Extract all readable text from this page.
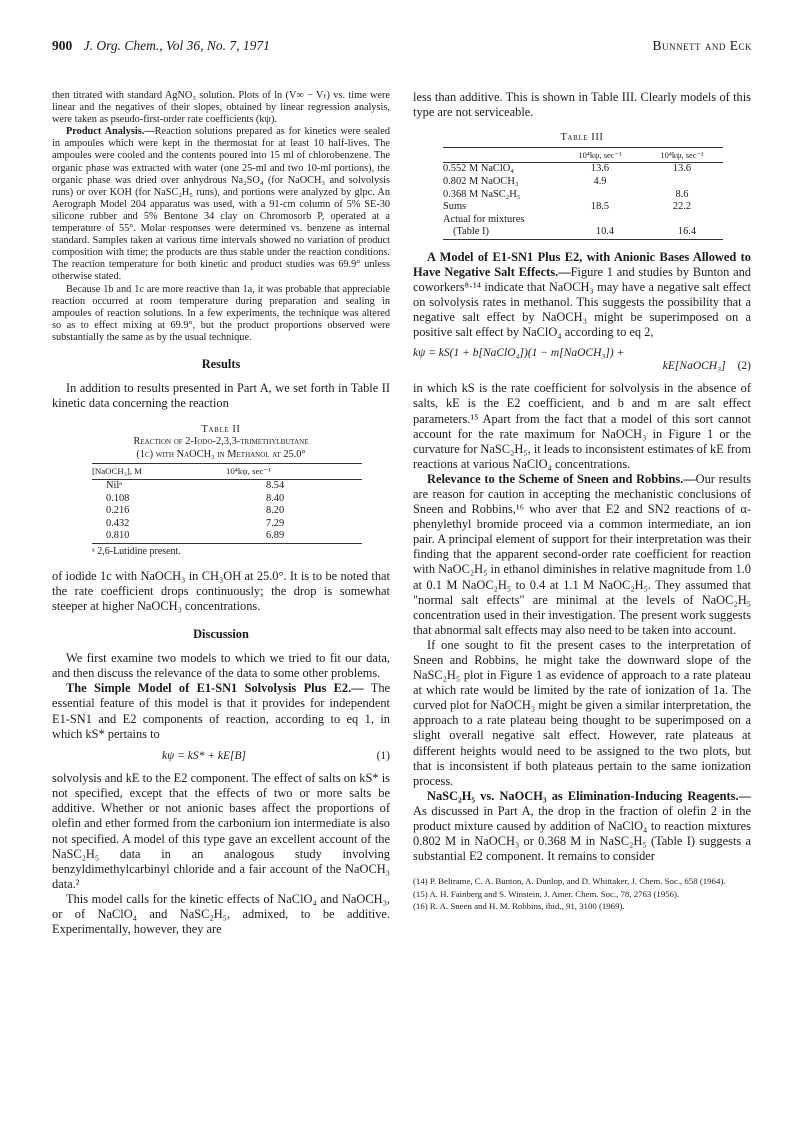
900 J. Org. Chem., Vol 36, No. 7, 1971	Bunnett and Eck

then titrated with standard AgNO₃ solution. Plots of ln (V∞ − Vₜ) vs. time were linear and the negatives of their slopes, obtained by linear regression analysis, were taken as pseudo-first-order rate coefficients (kψ).

Product Analysis.—Reaction solutions prepared as for kinetics were sealed in ampoules which were kept in the thermostat for at least 10 half-lives. The ampoules were cooled and the contents poured into 15 ml of chlorobenzene. The organic phase was extracted with water (one 25-ml and two 10-ml portions), the organic phase was dried over anhydrous Na₂SO₄ (for NaOCH₃ and solvolysis runs) or over KOH (for NaSC₂H₅ runs), and portions were analyzed by glpc. An Aerograph Model 204 apparatus was used, with a 91-cm column of 5% SE-30 silicone rubber and 5% Bentone 34 clay on Chromosorb P, operated at a temperature of 55°. Molar responses were determined vs. benzene as internal standard. Samples taken at various time intervals showed no variation of product composition with time; the products are thus stable under the reaction conditions. The reaction temperature for both kinetic and product studies was 69.9° unless otherwise stated.

Because 1b and 1c are more reactive than 1a, it was probable that appreciable reaction occurred at room temperature during preparation and sealing in ampoules of reaction solutions. In a few experiments, the technique was altered so as to effect mixing at 69.9°, but the product proportions observed were substantially the same as by the usual technique.

Results

In addition to results presented in Part A, we set forth in Table II kinetic data concerning the reaction

Table II
Reaction of 2-Iodo-2,3,3-trimethylbutane
(1c) with NaOCH₃ in Methanol at 25.0°
[NaOCH₃], M	10⁴kψ, sec⁻¹
Nilᵃ	8.54
0.108	8.40
0.216	8.20
0.432	7.29
0.810	6.89
ᵃ 2,6-Lutidine present.

of iodide 1c with NaOCH₃ in CH₃OH at 25.0°. It is to be noted that the rate coefficient drops continuously; the drop is somewhat steeper at higher NaOCH₃ concentrations.

Discussion

We first examine two models to which we tried to fit our data, and then discuss the relevance of the data to some other problems.

The Simple Model of E1-SN1 Solvolysis Plus E2.— The essential feature of this model is that it provides for independent E1-SN1 and E2 components of reaction, according to eq 1, in which kS* pertains to

kψ = kS* + kE[B]	(1)

solvolysis and kE to the E2 component. The effect of salts on kS* is not specified, except that the effects of two or more salts be additive. Whether or not anionic bases affect the proportions of olefin and ether formed from the carbonium ion intermediate is also not specified. A model of this type gave an excellent account of the NaSC₂H₅ data in an analogous study involving benzyldimethylcarbinyl chloride and a fair account of the NaOCH₃ data.²

This model calls for the kinetic effects of NaClO₄ and NaOCH₃, or of NaClO₄ and NaSC₂H₅, admixed, to be additive. Experimentally, however, they are

less than additive. This is shown in Table III. Clearly models of this type are not serviceable.

Table III
	10⁴kψ, sec⁻¹	10⁴kψ, sec⁻¹
0.552 M NaClO₄	13.6	13.6
0.802 M NaOCH₃	4.9	
0.368 M NaSC₂H₅		8.6
Sums	18.5	22.2
Actual for mixtures		
(Table I)	10.4	16.4

A Model of E1-SN1 Plus E2, with Anionic Bases Allowed to Have Negative Salt Effects.—Figure 1 and studies by Bunton and coworkers⁸·¹⁴ indicate that NaOCH₃ may have a negative salt effect on solvolysis rates in methanol. This suggests the possibility that a negative salt effect by NaOCH₃ might be superimposed on a positive salt effect by NaClO₄ according to eq 2,

kψ = kS(1 + b[NaClO₄])(1 − m[NaOCH₃]) +
kE[NaOCH₃] (2)

in which kS is the rate coefficient for solvolysis in the absence of salts, kE is the E2 coefficient, and b and m are salt effect parameters.¹⁵ Apart from the fact that a model of this sort cannot account for the rate maximum for NaOCH₃ in Figure 1 or the curvature for NaSC₂H₅, it leads to inconsistent estimates of kE from reactions at various NaClO₄ concentrations.

Relevance to the Scheme of Sneen and Robbins.—Our results are reason for caution in accepting the mechanistic conclusions of Sneen and Robbins,¹⁶ who aver that E2 and SN2 reactions of α-phenylethyl bromide proceed via a common intermediate, an ion pair. A principal element of support for their interpretation was their finding that the apparent second-order rate coefficient for reaction with NaOC₂H₅ in ethanol diminishes in relative magnitude from 1.0 at 0.1 M NaOC₂H₅ to 0.4 at 1.1 M NaOC₂H₅. They assumed that "normal salt effects" are minimal at the levels of NaOC₂H₅ concentration used in their investigation. The present work suggests that abnormal salt effects may also need to be taken into account.

If one sought to fit the present cases to the interpretation of Sneen and Robbins, he might take the downward slope of the NaSC₂H₅ plot in Figure 1 as evidence of approach to a rate plateau at which rate would be limited by the rate of ionization of 1a. The curved plot for NaOCH₃ might be given a similar interpretation, the approach to a rate plateau being thought to be superimposed on a slight overall negative salt effect. However, rate plateaus at different heights would need to be assigned to the two plots, but that is inconsistent if both plateaus pertain to the same ionization process.

NaSC₂H₅ vs. NaOCH₃ as Elimination-Inducing Reagents.—As discussed in Part A, the drop in the fraction of olefin 2 in the product mixture caused by addition of NaClO₄ to reaction mixtures 0.802 M in NaOCH₃ or 0.368 M in NaSC₂H₅ (Table I) suggests a substantial E2 component. It remains to consider

(14) P. Beltrame, C. A. Bunton, A. Dunlop, and D. Whittaker, J. Chem. Soc., 658 (1964).

(15) A. H. Fainberg and S. Winstein, J. Amer. Chem. Soc., 78, 2763 (1956).

(16) R. A. Sneen and H. M. Robbins, ibid., 91, 3100 (1969).
